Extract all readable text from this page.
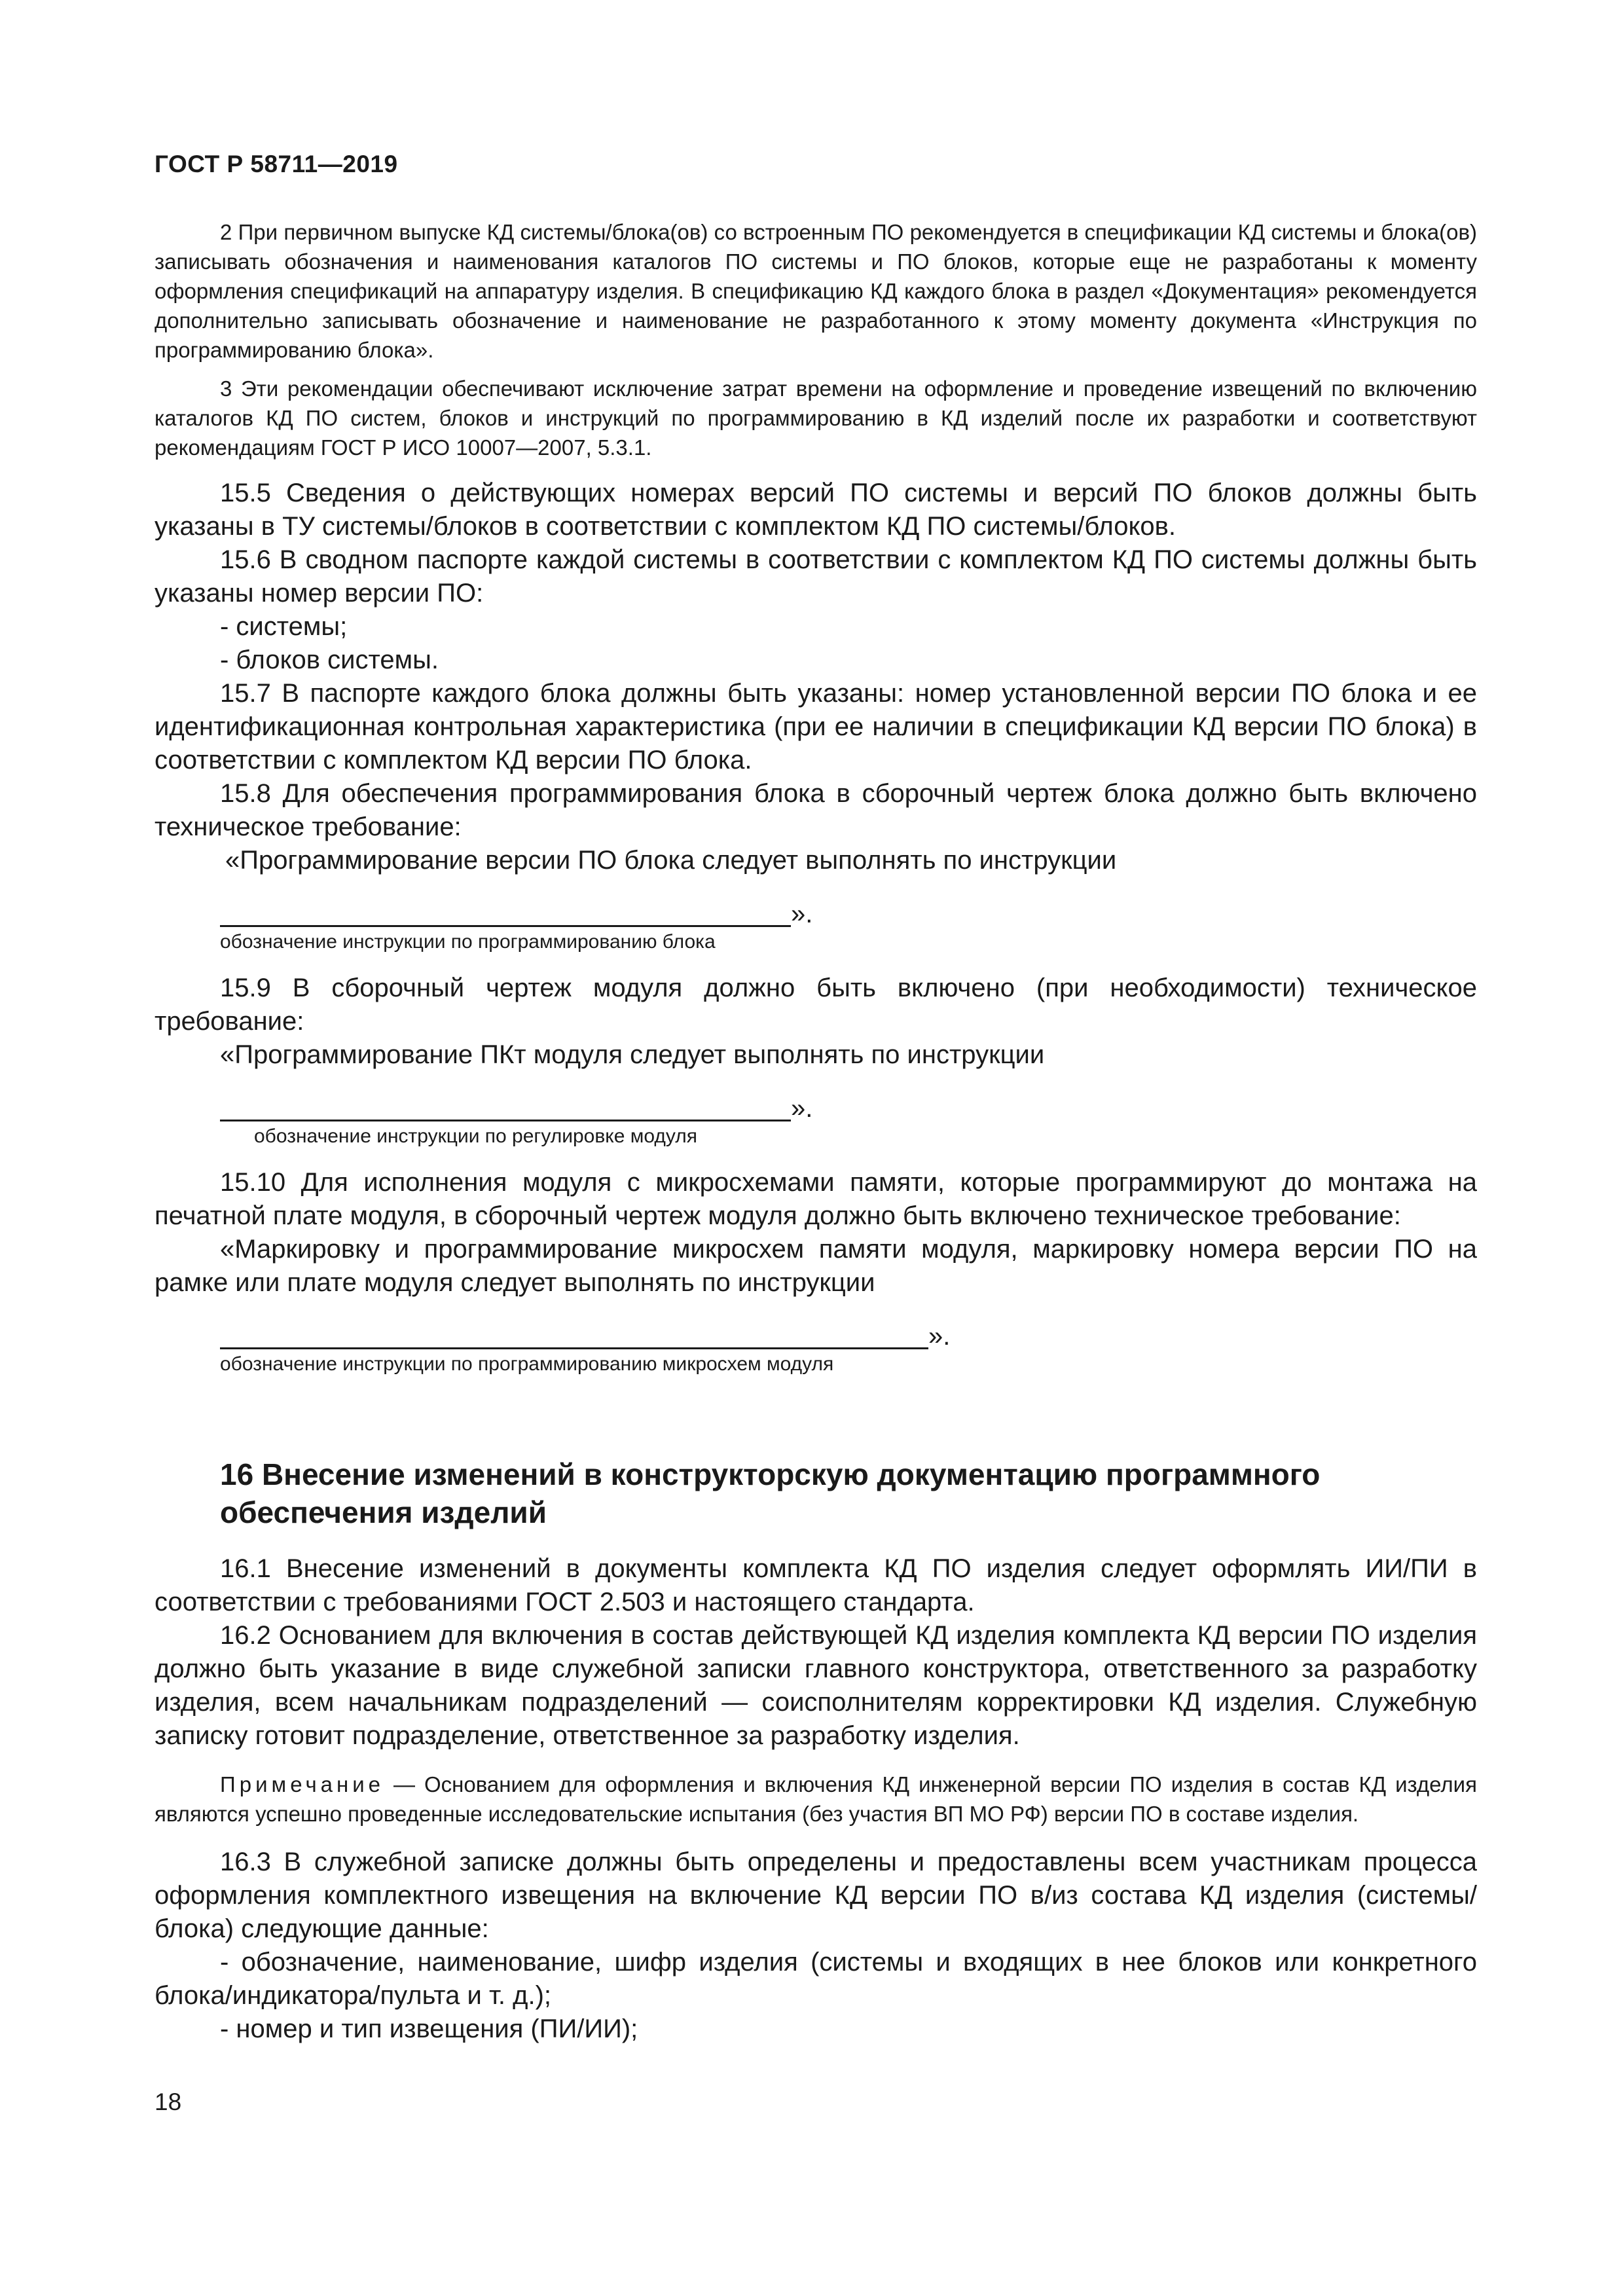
ГОСТ Р 58711—2019

2 При первичном выпуске КД системы/блока(ов) со встроенным ПО рекомендуется в спецификации КД системы и блока(ов) записывать обозначения и наименования каталогов ПО системы и ПО блоков, которые еще не разработаны к моменту оформления спецификаций на аппаратуру изделия. В спецификацию КД каждого блока в раздел «Документация» рекомендуется дополнительно записывать обозначение и наименование не разработанного к этому моменту документа «Инструкция по программированию блока».

3 Эти рекомендации обеспечивают исключение затрат времени на оформление и проведение извещений по включению каталогов КД ПО систем, блоков и инструкций по программированию в КД изделий после их разработки и соответствуют рекомендациям ГОСТ Р ИСО 10007—2007, 5.3.1.

15.5 Сведения о действующих номерах версий ПО системы и версий ПО блоков должны быть указаны в ТУ системы/блоков в соответствии с комплектом КД ПО системы/блоков.

15.6 В сводном паспорте каждой системы в соответствии с комплектом КД ПО системы должны быть указаны номер версии ПО:

- системы;

- блоков системы.

15.7 В паспорте каждого блока должны быть указаны: номер установленной версии ПО блока и ее идентификационная контрольная характеристика (при ее наличии в спецификации КД версии ПО блока) в соответствии с комплектом КД версии ПО блока.

15.8 Для обеспечения программирования блока в сборочный чертеж блока должно быть включено техническое требование:

«Программирование версии ПО блока следует выполнять по инструкции

».

обозначение инструкции по программированию блока

15.9 В сборочный чертеж модуля должно быть включено (при необходимости) техническое требование:

«Программирование ПКт модуля следует выполнять по инструкции

».

обозначение инструкции по регулировке модуля

15.10 Для исполнения модуля с микросхемами памяти, которые программируют до монтажа на печатной плате модуля, в сборочный чертеж модуля должно быть включено техническое требование:

«Маркировку и программирование микросхем памяти модуля, маркировку номера версии ПО на рамке или плате модуля следует выполнять по инструкции

».

обозначение инструкции по программированию микросхем модуля

16 Внесение изменений в конструкторскую документацию программного обеспечения изделий

16.1 Внесение изменений в документы комплекта КД ПО изделия следует оформлять ИИ/ПИ в соответствии с требованиями ГОСТ 2.503 и настоящего стандарта.

16.2 Основанием для включения в состав действующей КД изделия комплекта КД версии ПО изделия должно быть указание в виде служебной записки главного конструктора, ответственного за разработку изделия, всем начальникам подразделений — соисполнителям корректировки КД изделия. Служебную записку готовит подразделение, ответственное за разработку изделия.

Примечание — Основанием для оформления и включения КД инженерной версии ПО изделия в состав КД изделия являются успешно проведенные исследовательские испытания (без участия ВП МО РФ) версии ПО в составе изделия.

16.3 В служебной записке должны быть определены и предоставлены всем участникам процесса оформления комплектного извещения на включение КД версии ПО в/из состава КД изделия (системы/блока) следующие данные:

- обозначение, наименование, шифр изделия (системы и входящих в нее блоков или конкретного блока/индикатора/пульта и т. д.);

- номер и тип извещения (ПИ/ИИ);

18
